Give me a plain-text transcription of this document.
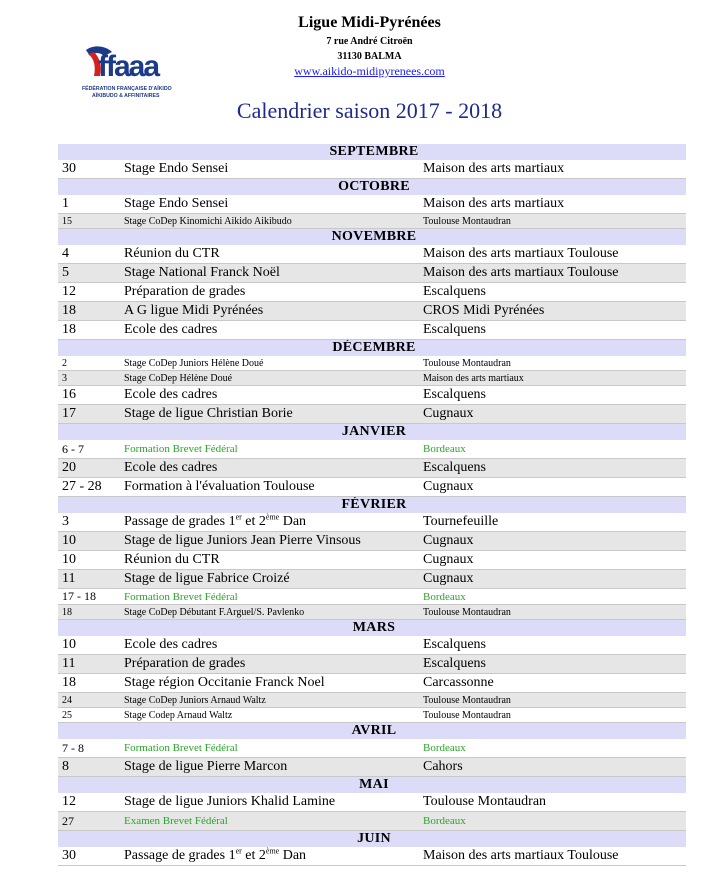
ffaaa
FÉDÉRATION FRANÇAISE D'AÏKIDO
AÏKIBUDO & AFFINITAIRES
Ligue Midi-Pyrénées
7 rue André Citroën
31130 BALMA
www.aikido-midipyrenees.com
Calendrier saison 2017 - 2018
SEPTEMBRE		
30	Stage Endo Sensei	Maison des arts martiaux
OCTOBRE		
1	Stage Endo Sensei	Maison des arts martiaux
15	Stage CoDep Kinomichi Aikido Aikibudo	Toulouse Montaudran
NOVEMBRE		
4	Réunion du CTR	Maison des arts martiaux Toulouse
5	Stage National Franck Noël	Maison des arts martiaux Toulouse
12	Préparation de grades	Escalquens
18	A G ligue Midi Pyrénées	CROS Midi Pyrénées
18	Ecole des cadres	Escalquens
DÉCEMBRE		
2	Stage CoDep Juniors Hélène Doué	Toulouse Montaudran
3	Stage CoDep Hélène Doué	Maison des arts martiaux
16	Ecole des cadres	Escalquens
17	Stage de ligue Christian Borie	Cugnaux
JANVIER		
6 - 7	Formation Brevet Fédéral	Bordeaux
20	Ecole des cadres	Escalquens
27 - 28	Formation à l'évaluation Toulouse	Cugnaux
FÉVRIER		
3	Passage de grades 1er et 2ème Dan	Tournefeuille
10	Stage de ligue Juniors Jean Pierre Vinsous	Cugnaux
10	Réunion du CTR	Cugnaux
11	Stage de ligue Fabrice Croizé	Cugnaux
17 - 18	Formation Brevet Fédéral	Bordeaux
18	Stage CoDep Débutant F.Arguel/S. Pavlenko	Toulouse Montaudran
MARS		
10	Ecole des cadres	Escalquens
11	Préparation de grades	Escalquens
18	Stage région Occitanie Franck Noel	Carcassonne
24	Stage CoDep Juniors Arnaud Waltz	Toulouse Montaudran
25	Stage Codep Arnaud Waltz	Toulouse Montaudran
AVRIL		
7 - 8	Formation Brevet Fédéral	Bordeaux
8	Stage de ligue Pierre Marcon	Cahors
MAI		
12	Stage de ligue Juniors Khalid Lamine	Toulouse Montaudran
27	Examen Brevet Fédéral	Bordeaux
JUIN		
30	Passage de grades 1er et 2ème Dan	Maison des arts martiaux Toulouse
